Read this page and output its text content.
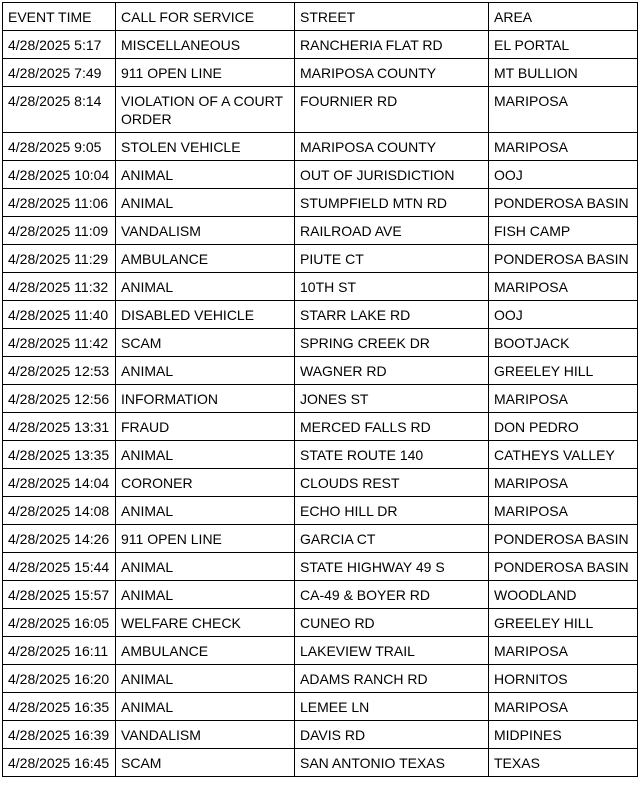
EVENT TIME	CALL FOR SERVICE	STREET	AREA
4/28/2025 5:17	MISCELLANEOUS	RANCHERIA FLAT RD	EL PORTAL
4/28/2025 7:49	911 OPEN LINE	MARIPOSA COUNTY	MT BULLION
4/28/2025 8:14	VIOLATION OF A COURT ORDER	FOURNIER RD	MARIPOSA
4/28/2025 9:05	STOLEN VEHICLE	MARIPOSA COUNTY	MARIPOSA
4/28/2025 10:04	ANIMAL	OUT OF JURISDICTION	OOJ
4/28/2025 11:06	ANIMAL	STUMPFIELD MTN RD	PONDEROSA BASIN
4/28/2025 11:09	VANDALISM	RAILROAD AVE	FISH CAMP
4/28/2025 11:29	AMBULANCE	PIUTE CT	PONDEROSA BASIN
4/28/2025 11:32	ANIMAL	10TH ST	MARIPOSA
4/28/2025 11:40	DISABLED VEHICLE	STARR LAKE RD	OOJ
4/28/2025 11:42	SCAM	SPRING CREEK DR	BOOTJACK
4/28/2025 12:53	ANIMAL	WAGNER RD	GREELEY HILL
4/28/2025 12:56	INFORMATION	JONES ST	MARIPOSA
4/28/2025 13:31	FRAUD	MERCED FALLS RD	DON PEDRO
4/28/2025 13:35	ANIMAL	STATE ROUTE 140	CATHEYS VALLEY
4/28/2025 14:04	CORONER	CLOUDS REST	MARIPOSA
4/28/2025 14:08	ANIMAL	ECHO HILL DR	MARIPOSA
4/28/2025 14:26	911 OPEN LINE	GARCIA CT	PONDEROSA BASIN
4/28/2025 15:44	ANIMAL	STATE HIGHWAY 49 S	PONDEROSA BASIN
4/28/2025 15:57	ANIMAL	CA-49 & BOYER RD	WOODLAND
4/28/2025 16:05	WELFARE CHECK	CUNEO RD	GREELEY HILL
4/28/2025 16:11	AMBULANCE	LAKEVIEW TRAIL	MARIPOSA
4/28/2025 16:20	ANIMAL	ADAMS RANCH RD	HORNITOS
4/28/2025 16:35	ANIMAL	LEMEE LN	MARIPOSA
4/28/2025 16:39	VANDALISM	DAVIS RD	MIDPINES
4/28/2025 16:45	SCAM	SAN ANTONIO TEXAS	TEXAS
